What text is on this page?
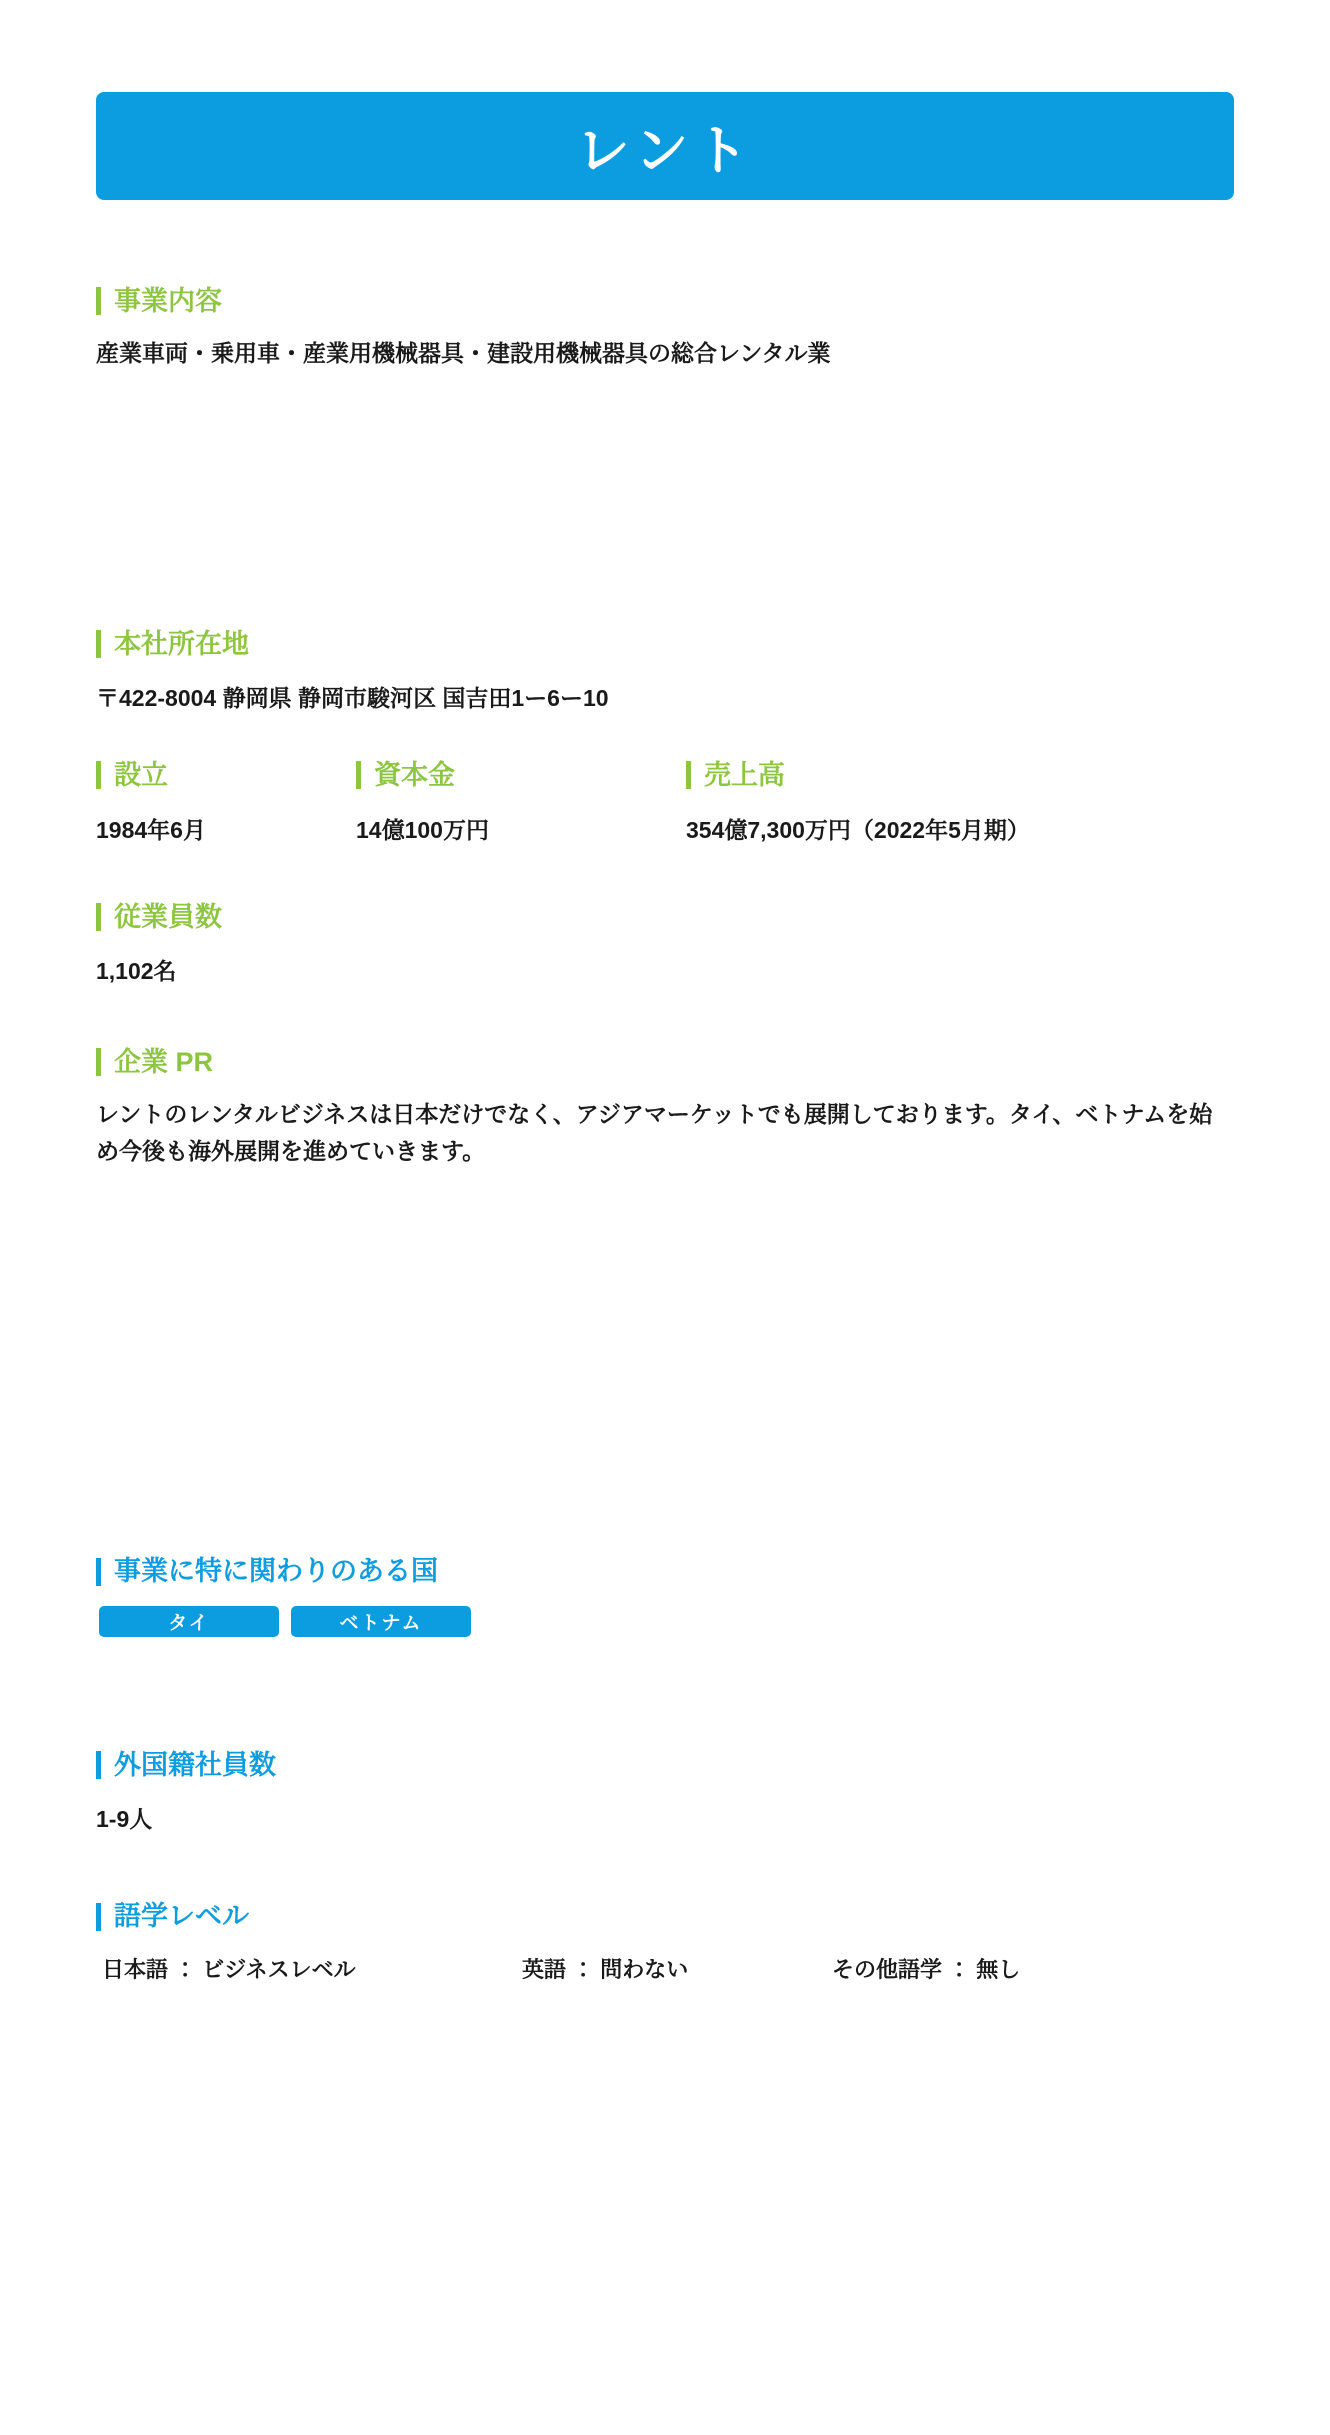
レント
事業内容
産業車両・乗用車・産業用機械器具・建設用機械器具の総合レンタル業
本社所在地
〒422-8004 静岡県 静岡市駿河区 国吉田1ー6ー10
設立
1984年6月
資本金
14億100万円
売上高
354億7,300万円（2022年5月期）
従業員数
1,102名
企業 PR
レントのレンタルビジネスは日本だけでなく、アジアマーケットでも展開しております。タイ、ベトナムを始め今後も海外展開を進めていきます。
事業に特に関わりのある国
タイ	ベトナム
外国籍社員数
1-9人
語学レベル
日本語 ： ビジネスレベル	英語 ： 問わない	その他語学 ： 無し
